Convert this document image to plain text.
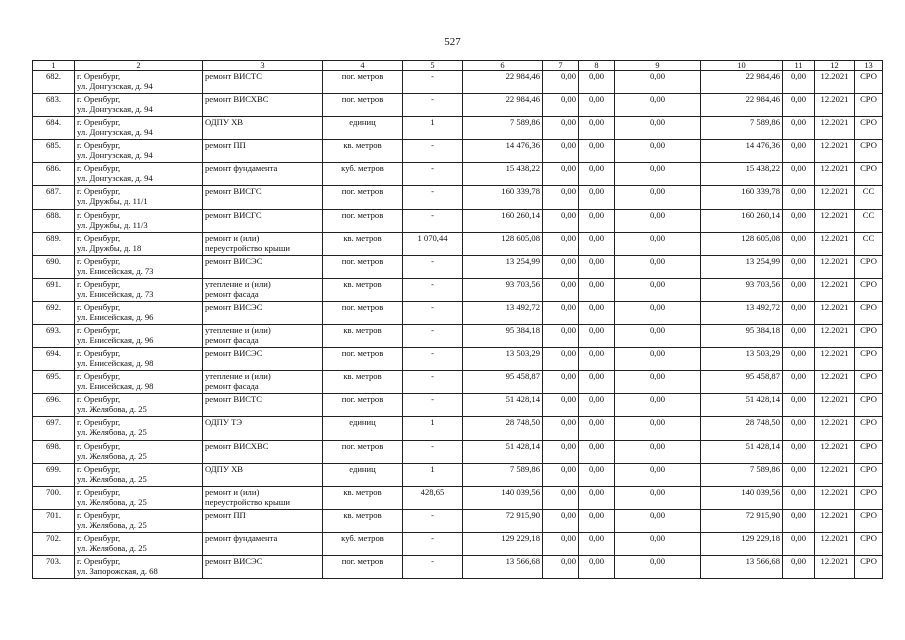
527
1	2	3	4	5	6	7	8	9	10	11	12	13

682.	г. Оренбург,
ул. Донгузская, д. 94	ремонт ВИСТС	пог. метров	-	22 984,46	0,00	0,00	0,00	22 984,46	0,00	12.2021	СРО

683.	г. Оренбург,
ул. Донгузская, д. 94	ремонт ВИСХВС	пог. метров	-	22 984,46	0,00	0,00	0,00	22 984,46	0,00	12.2021	СРО

684.	г. Оренбург,
ул. Донгузская, д. 94	ОДПУ ХВ	единиц	1	7 589,86	0,00	0,00	0,00	7 589,86	0,00	12.2021	СРО

685.	г. Оренбург,
ул. Донгузская, д. 94	ремонт ПП	кв. метров	-	14 476,36	0,00	0,00	0,00	14 476,36	0,00	12.2021	СРО

686.	г. Оренбург,
ул. Донгузская, д. 94	ремонт фундамента	куб. метров	-	15 438,22	0,00	0,00	0,00	15 438,22	0,00	12.2021	СРО

687.	г. Оренбург,
ул. Дружбы, д. 11/1	ремонт ВИСГС	пог. метров	-	160 339,78	0,00	0,00	0,00	160 339,78	0,00	12.2021	СС

688.	г. Оренбург,
ул. Дружбы, д. 11/3	ремонт ВИСГС	пог. метров	-	160 260,14	0,00	0,00	0,00	160 260,14	0,00	12.2021	СС

689.	г. Оренбург,
ул. Дружбы, д. 18	ремонт и (или)
переустройство крыши	кв. метров	1 070,44	128 605,08	0,00	0,00	0,00	128 605,08	0,00	12.2021	СС

690.	г. Оренбург,
ул. Енисейская, д. 73	ремонт ВИСЭС	пог. метров	-	13 254,99	0,00	0,00	0,00	13 254,99	0,00	12.2021	СРО

691.	г. Оренбург,
ул. Енисейская, д. 73	утепление и (или)
ремонт фасада	кв. метров	-	93 703,56	0,00	0,00	0,00	93 703,56	0,00	12.2021	СРО

692.	г. Оренбург,
ул. Енисейская, д. 96	ремонт ВИСЭС	пог. метров	-	13 492,72	0,00	0,00	0,00	13 492,72	0,00	12.2021	СРО

693.	г. Оренбург,
ул. Енисейская, д. 96	утепление и (или)
ремонт фасада	кв. метров	-	95 384,18	0,00	0,00	0,00	95 384,18	0,00	12.2021	СРО

694.	г. Оренбург,
ул. Енисейская, д. 98	ремонт ВИСЭС	пог. метров	-	13 503,29	0,00	0,00	0,00	13 503,29	0,00	12.2021	СРО

695.	г. Оренбург,
ул. Енисейская, д. 98	утепление и (или)
ремонт фасада	кв. метров	-	95 458,87	0,00	0,00	0,00	95 458,87	0,00	12.2021	СРО

696.	г. Оренбург,
ул. Желябова, д. 25	ремонт ВИСТС	пог. метров	-	51 428,14	0,00	0,00	0,00	51 428,14	0,00	12.2021	СРО

697.	г. Оренбург,
ул. Желябова, д. 25	ОДПУ ТЭ	единиц	1	28 748,50	0,00	0,00	0,00	28 748,50	0,00	12.2021	СРО

698.	г. Оренбург,
ул. Желябова, д. 25	ремонт ВИСХВС	пог. метров	-	51 428,14	0,00	0,00	0,00	51 428,14	0,00	12.2021	СРО

699.	г. Оренбург,
ул. Желябова, д. 25	ОДПУ ХВ	единиц	1	7 589,86	0,00	0,00	0,00	7 589,86	0,00	12.2021	СРО

700.	г. Оренбург,
ул. Желябова, д. 25	ремонт и (или)
переустройство крыши	кв. метров	428,65	140 039,56	0,00	0,00	0,00	140 039,56	0,00	12.2021	СРО

701.	г. Оренбург,
ул. Желябова, д. 25	ремонт ПП	кв. метров	-	72 915,90	0,00	0,00	0,00	72 915,90	0,00	12.2021	СРО

702.	г. Оренбург,
ул. Желябова, д. 25	ремонт фундамента	куб. метров	-	129 229,18	0,00	0,00	0,00	129 229,18	0,00	12.2021	СРО

703.	г. Оренбург,
ул. Запорожская, д. 68	ремонт ВИСЭС	пог. метров	-	13 566,68	0,00	0,00	0,00	13 566,68	0,00	12.2021	СРО
